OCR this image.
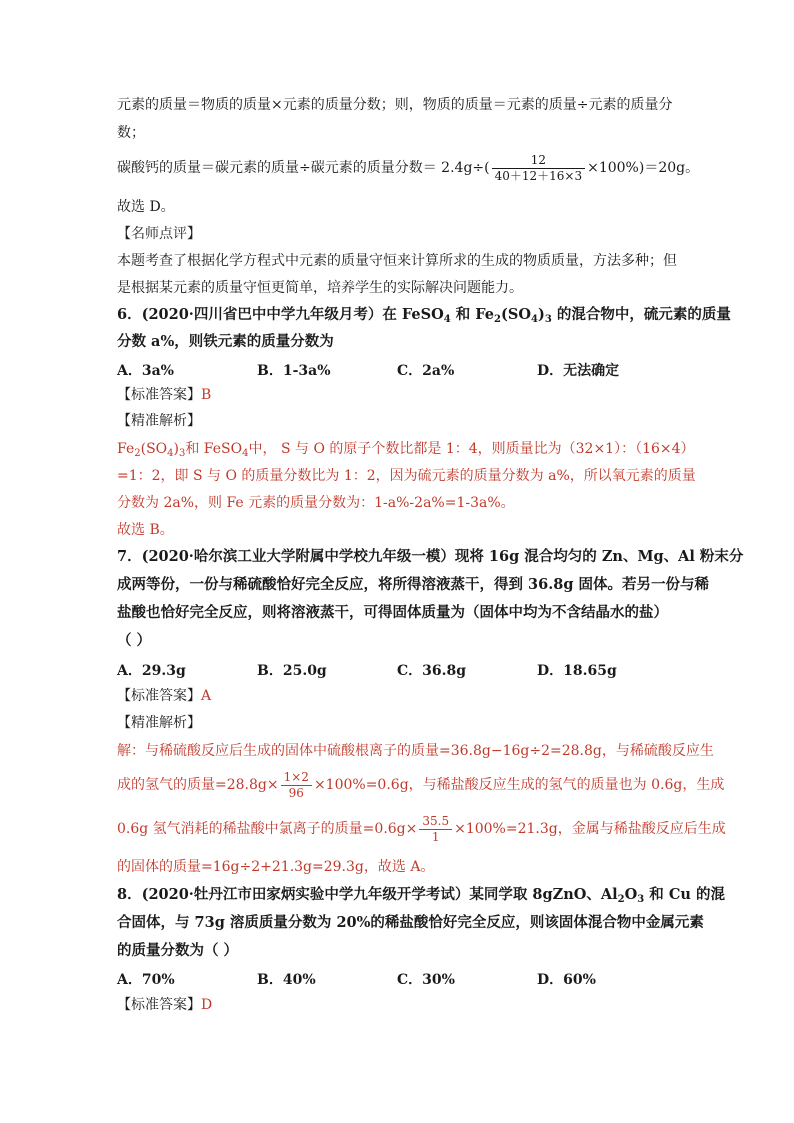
元素的质量＝物质的质量×元素的质量分数；则，物质的质量＝元素的质量÷元素的质量分
数；
碳酸钙的质量＝碳元素的质量÷碳元素的质量分数＝ $2.4g\div( \frac{12}{40+12+16\times 3} \times 100\%)=20g$。
故选 D。
【名师点评】
本题考查了根据化学方程式中元素的质量守恒来计算所求的生成的物质质量，方法多种；但
是根据某元素的质量守恒更简单，培养学生的实际解决问题能力。
6．(2020·四川省巴中中学九年级月考）在 FeSO$_4$ 和 $Fe_2(SO_4)_3$ 的混合物中，硫元素的质量
分数 a%，则铁元素的质量分数为
A．3a%	B．1-3a%	C．2a%	D．无法确定
【标准答案】B
【精准解析】
$Fe_2(SO_4)_3$和 FeSO$_4$中， S 与 O 的原子个数比都是 1：4，则质量比为（32×1）：（16×4）
=1：2，即 S 与 O 的质量分数比为 1：2，因为硫元素的质量分数为 a%，所以氧元素的质量
分数为 2a%，则 Fe 元素的质量分数为：1-a%-2a%=1-3a%。
故选 B。
7．(2020·哈尔滨工业大学附属中学校九年级一模）现将 16g 混合均匀的 Zn、Mg、Al 粉末分
成两等份，一份与稀硫酸恰好完全反应，将所得溶液蒸干，得到 36.8g 固体。若另一份与稀
盐酸也恰好完全反应，则将溶液蒸干，可得固体质量为（固体中均为不含结晶水的盐）
（ ）
A．29.3g	B．25.0g	C．36.8g	D．18.65g
【标准答案】A
【精准解析】
解：与稀硫酸反应后生成的固体中硫酸根离子的质量=36.8g−16g÷2=28.8g，与稀硫酸反应生
成的氢气的质量$=28.8g\times \frac{1\times 2}{96} \times 100\%=0.6g$，与稀盐酸反应生成的氢气的质量也为 0.6g，生成
0.6g 氢气消耗的稀盐酸中氯离子的质量$=0.6g\times \frac{35.5}{1} \times 100\%=21.3g$，金属与稀盐酸反应后生成
的固体的质量=16g÷2+21.3g=29.3g，故选 A。
8．(2020·牡丹江市田家炳实验中学九年级开学考试）某同学取 8gZnO、$Al_2O_3$ 和 Cu 的混
合固体，与 73g 溶质质量分数为 20%的稀盐酸恰好完全反应，则该固体混合物中金属元素
的质量分数为（ ）
A．70%	B．40%	C．30%	D．60%
【标准答案】D
